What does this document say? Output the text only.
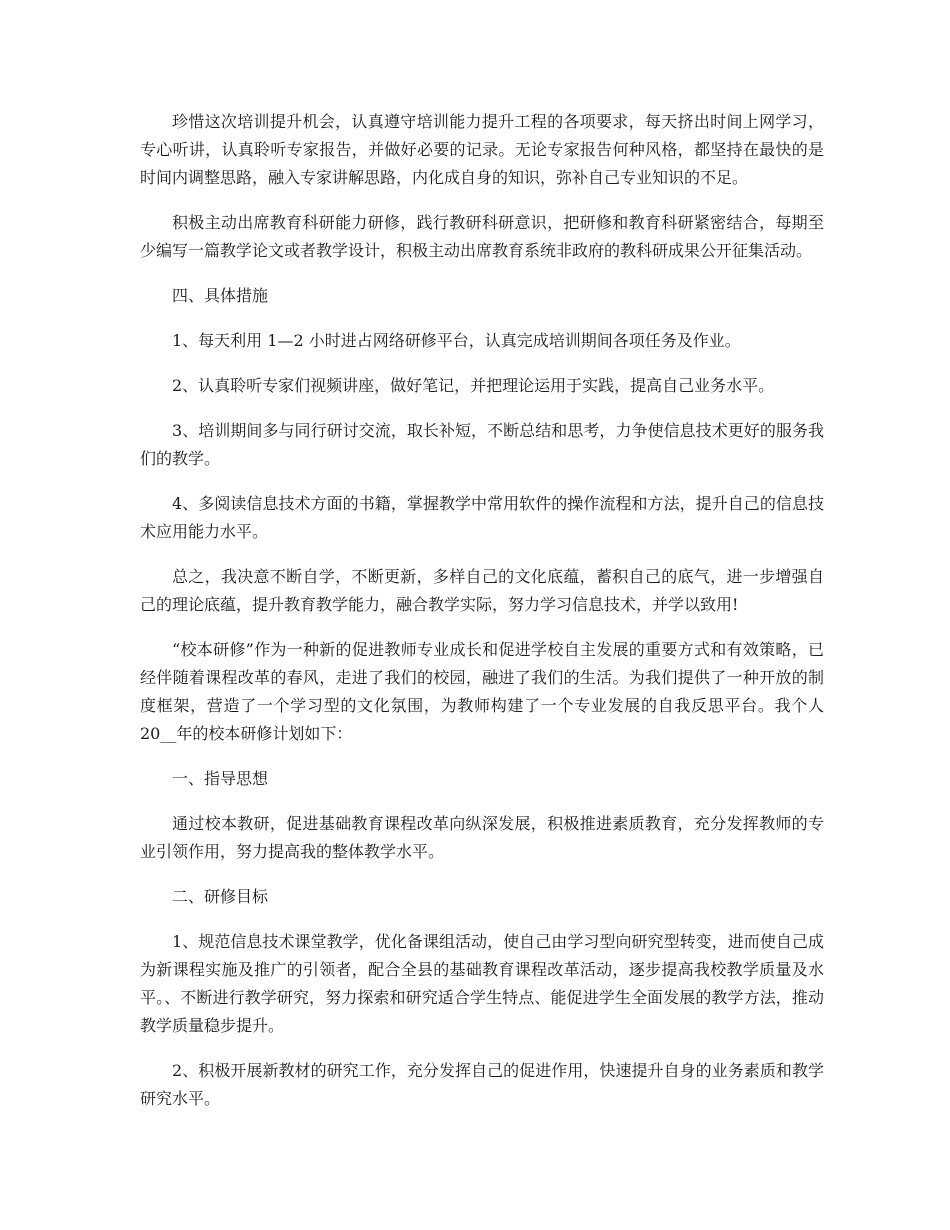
珍惜这次培训提升机会，认真遵守培训能力提升工程的各项要求，每天挤出时间上网学习，专心听讲，认真聆听专家报告，并做好必要的记录。无论专家报告何种风格，都坚持在最快的是时间内调整思路，融入专家讲解思路，内化成自身的知识，弥补自己专业知识的不足。

积极主动出席教育科研能力研修，践行教研科研意识，把研修和教育科研紧密结合，每期至少编写一篇教学论文或者教学设计，积极主动出席教育系统非政府的教科研成果公开征集活动。

四、具体措施

1、每天利用 1—2 小时进占网络研修平台，认真完成培训期间各项任务及作业。

2、认真聆听专家们视频讲座，做好笔记，并把理论运用于实践，提高自己业务水平。

3、培训期间多与同行研讨交流，取长补短，不断总结和思考，力争使信息技术更好的服务我们的教学。

4、多阅读信息技术方面的书籍，掌握教学中常用软件的操作流程和方法，提升自己的信息技术应用能力水平。

总之，我决意不断自学，不断更新，多样自己的文化底蕴，蓄积自己的底气，进一步增强自己的理论底蕴，提升教育教学能力，融合教学实际，努力学习信息技术，并学以致用!

“校本研修”作为一种新的促进教师专业成长和促进学校自主发展的重要方式和有效策略，已经伴随着课程改革的春风，走进了我们的校园，融进了我们的生活。为我们提供了一种开放的制度框架，营造了一个学习型的文化氛围，为教师构建了一个专业发展的自我反思平台。我个人 20__年的校本研修计划如下：

一、指导思想

通过校本教研，促进基础教育课程改革向纵深发展，积极推进素质教育，充分发挥教师的专业引领作用，努力提高我的整体教学水平。

二、研修目标

1、规范信息技术课堂教学，优化备课组活动，使自己由学习型向研究型转变，进而使自己成为新课程实施及推广的引领者，配合全县的基础教育课程改革活动，逐步提高我校教学质量及水平。、不断进行教学研究，努力探索和研究适合学生特点、能促进学生全面发展的教学方法，推动教学质量稳步提升。

2、积极开展新教材的研究工作，充分发挥自己的促进作用，快速提升自身的业务素质和教学研究水平。
